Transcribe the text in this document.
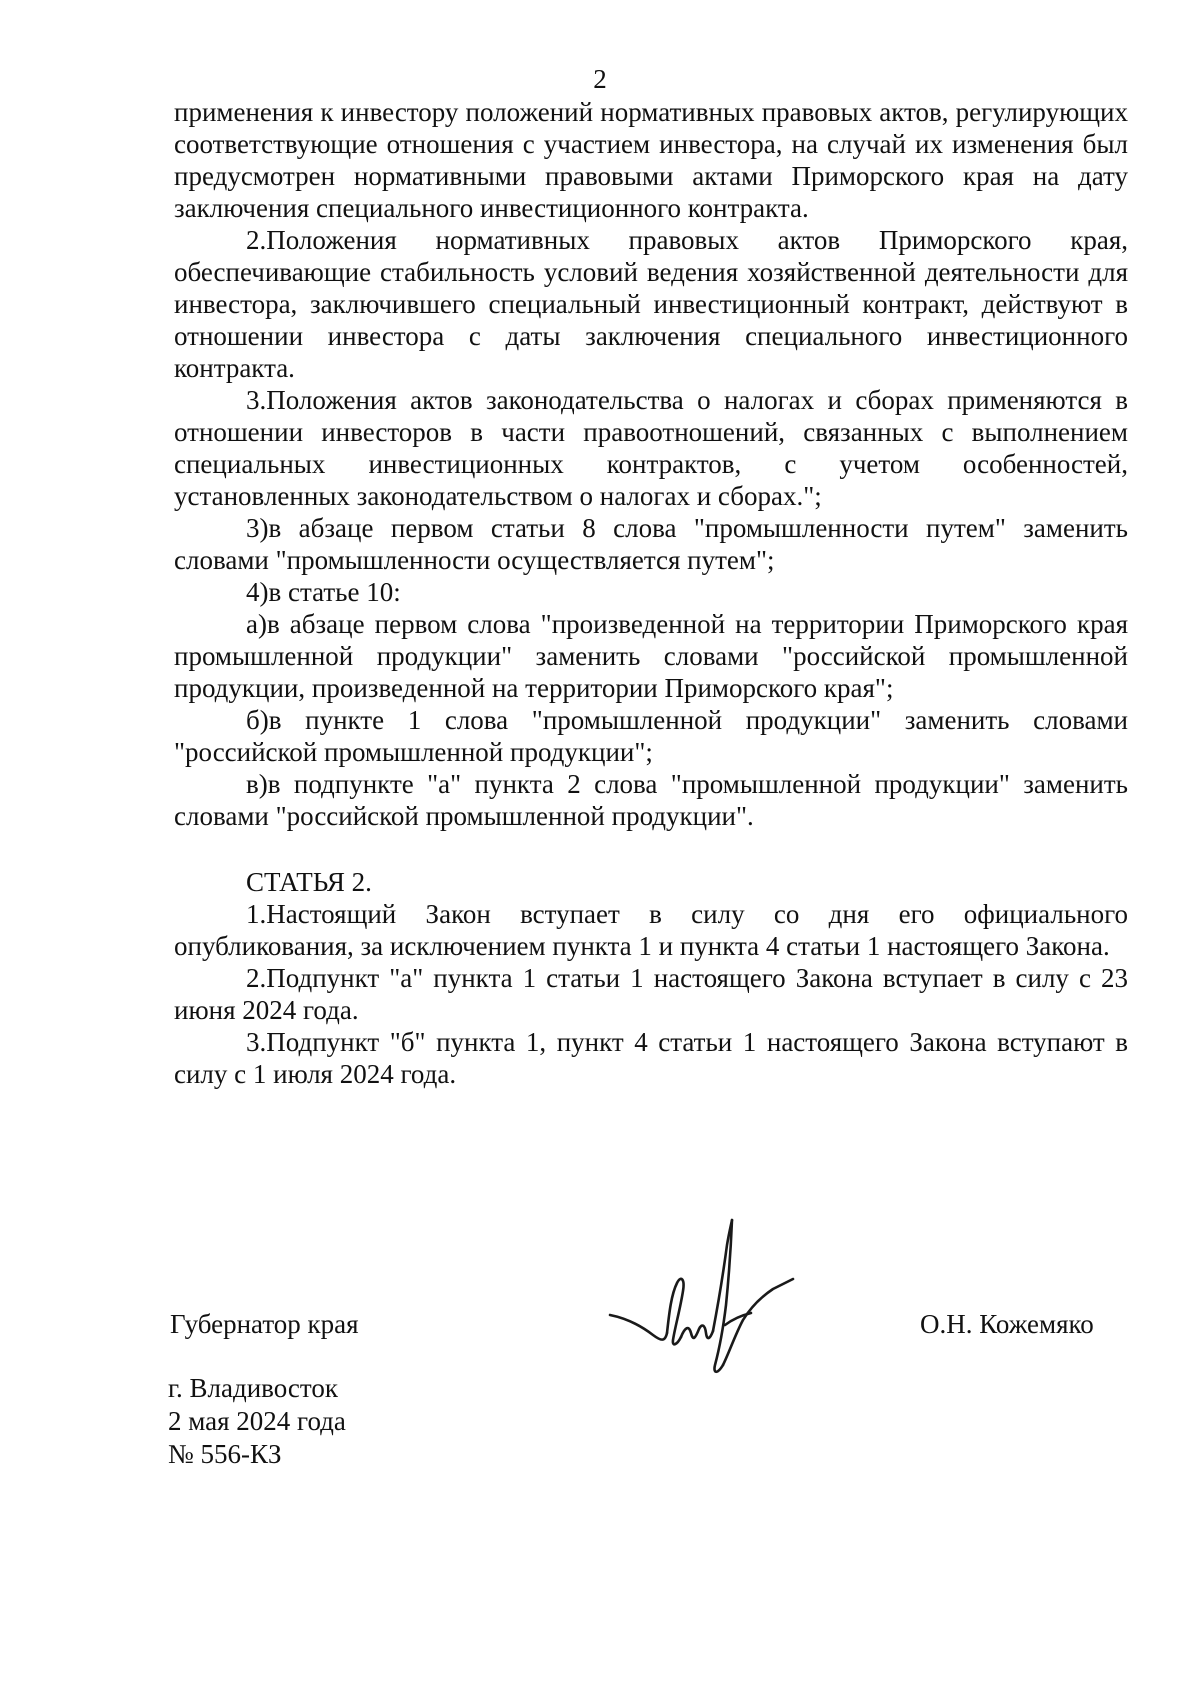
2

применения к инвестору положений нормативных правовых актов, регулирующих соответствующие отношения с участием инвестора, на случай их изменения был предусмотрен нормативными правовыми актами Приморского края на дату заключения специального инвестиционного контракта.

2.Положения нормативных правовых актов Приморского края, обеспечивающие стабильность условий ведения хозяйственной деятельности для инвестора, заключившего специальный инвестиционный контракт, действуют в отношении инвестора с даты заключения специального инвестиционного контракта.

3.Положения актов законодательства о налогах и сборах применяются в отношении инвесторов в части правоотношений, связанных с выполнением специальных инвестиционных контрактов, с учетом особенностей, установленных законодательством о налогах и сборах.";

3)в абзаце первом статьи 8 слова "промышленности путем" заменить словами "промышленности осуществляется путем";

4)в статье 10:

а)в абзаце первом слова "произведенной на территории Приморского края промышленной продукции" заменить словами "российской промышленной продукции, произведенной на территории Приморского края";

б)в пункте 1 слова "промышленной продукции" заменить словами "российской промышленной продукции";

в)в подпункте "а" пункта 2 слова "промышленной продукции" заменить словами "российской промышленной продукции".

СТАТЬЯ 2.

1.Настоящий Закон вступает в силу со дня его официального опубликования, за исключением пункта 1 и пункта 4 статьи 1 настоящего Закона.

2.Подпункт "а" пункта 1 статьи 1 настоящего Закона вступает в силу с 23 июня 2024 года.

3.Подпункт "б" пункта 1, пункт 4 статьи 1 настоящего Закона вступают в силу с 1 июля 2024 года.

Губернатор края	О.Н. Кожемяко
г. Владивосток
2 мая 2024 года
№ 556-КЗ
